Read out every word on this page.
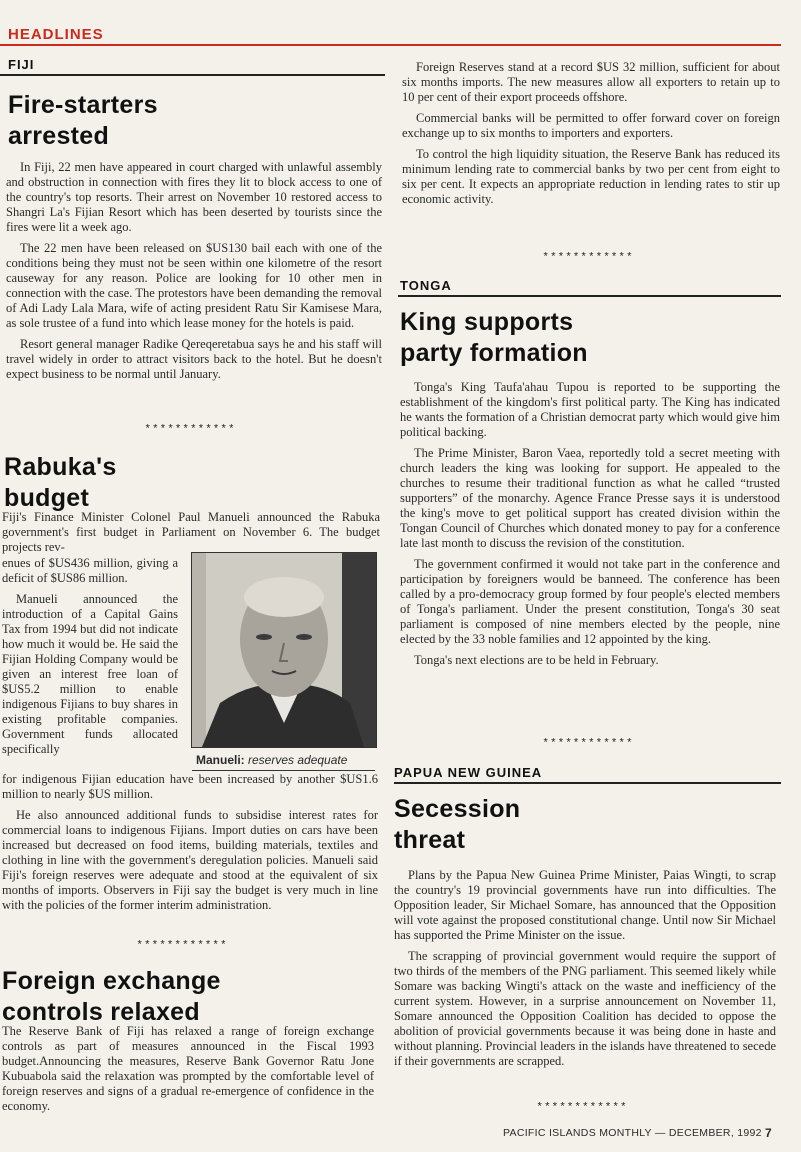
HEADLINES
FIJI
Fire-starters
arrested

In Fiji, 22 men have appeared in court charged with unlawful assembly and obstruction in connection with fires they lit to block access to one of the country's top resorts. Their arrest on November 10 restored access to Shangri La's Fijian Resort which has been deserted by tourists since the fires were lit a week ago.

The 22 men have been released on $US130 bail each with one of the conditions being they must not be seen within one kilometre of the resort causeway for any reason. Police are looking for 10 other men in connection with the case. The protestors have been demanding the removal of Adi Lady Lala Mara, wife of acting president Ratu Sir Kamisese Mara, as sole trustee of a fund into which lease money for the hotels is paid.

Resort general manager Radike Qereqeretabua says he and his staff will travel widely in order to attract visitors back to the hotel. But he doesn't expect business to be normal until January.

************
Rabuka's
budget

Fiji's Finance Minister Colonel Paul Manueli announced the Rabuka government's first budget in Parliament on November 6. The budget projects rev-

enues of $US436 million, giving a deficit of $US86 million.

Manueli announced the introduction of a Capital Gains Tax from 1994 but did not indicate how much it would be. He said the Fijian Holding Company would be given an interest free loan of $US5.2 million to enable indigenous Fijians to buy shares in existing profitable companies. Government funds allocated specifically

Manueli: reserves adequate

for indigenous Fijian education have been increased by another $US1.6 million to nearly $US million.

He also announced additional funds to subsidise interest rates for commercial loans to indigenous Fijians. Import duties on cars have been increased but decreased on food items, building materials, textiles and clothing in line with the government's deregulation policies. Manueli said Fiji's foreign reserves were adequate and stood at the equivalent of six months of imports. Observers in Fiji say the budget is very much in line with the policies of the former interim administration.

************
Foreign exchange
controls relaxed

The Reserve Bank of Fiji has relaxed a range of foreign exchange controls as part of measures announced in the Fiscal 1993 budget.Announcing the measures, Reserve Bank Governor Ratu Jone Kubuabola said the relaxation was prompted by the comfortable level of foreign reserves and signs of a gradual re-emergence of confidence in the economy.

Foreign Reserves stand at a record $US 32 million, sufficient for about six months imports. The new measures allow all exporters to retain up to 10 per cent of their export proceeds offshore.

Commercial banks will be permitted to offer forward cover on foreign exchange up to six months to importers and exporters.

To control the high liquidity situation, the Reserve Bank has reduced its minimum lending rate to commercial banks by two per cent from eight to six per cent. It expects an appropriate reduction in lending rates to stir up economic activity.

************
TONGA
King supports
party formation

Tonga's King Taufa'ahau Tupou is reported to be supporting the establishment of the kingdom's first political party. The King has indicated he wants the formation of a Christian democrat party which would give him political backing.

The Prime Minister, Baron Vaea, reportedly told a secret meeting with church leaders the king was looking for support. He appealed to the churches to resume their traditional function as what he called “trusted supporters” of the monarchy. Agence France Presse says it is understood the king's move to get political support has created division within the Tongan Council of Churches which donated money to pay for a conference late last month to discuss the revision of the constitution.

The government confirmed it would not take part in the conference and participation by foreigners would be banneed. The conference has been called by a pro-democracy group formed by four people's elected members of Tonga's parliament. Under the present constitution, Tonga's 30 seat parliament is composed of nine members elected by the people, nine elected by the 33 noble families and 12 appointed by the king.

Tonga's next elections are to be held in February.

************
PAPUA NEW GUINEA
Secession
threat

Plans by the Papua New Guinea Prime Minister, Paias Wingti, to scrap the country's 19 provincial governments have run into difficulties. The Opposition leader, Sir Michael Somare, has announced that the Opposition will vote against the proposed constitutional change. Until now Sir Michael has supported the Prime Minister on the issue.

The scrapping of provincial government would require the support of two thirds of the members of the PNG parliament. This seemed likely while Somare was backing Wingti's attack on the waste and inefficiency of the current system. However, in a surprise announcement on November 11, Somare announced the Opposition Coalition has decided to oppose the abolition of provicial governments because it was being done in haste and without planning. Provincial leaders in the islands have threatened to secede if their governments are scrapped.

************
PACIFIC ISLANDS MONTHLY — DECEMBER, 1992 7
